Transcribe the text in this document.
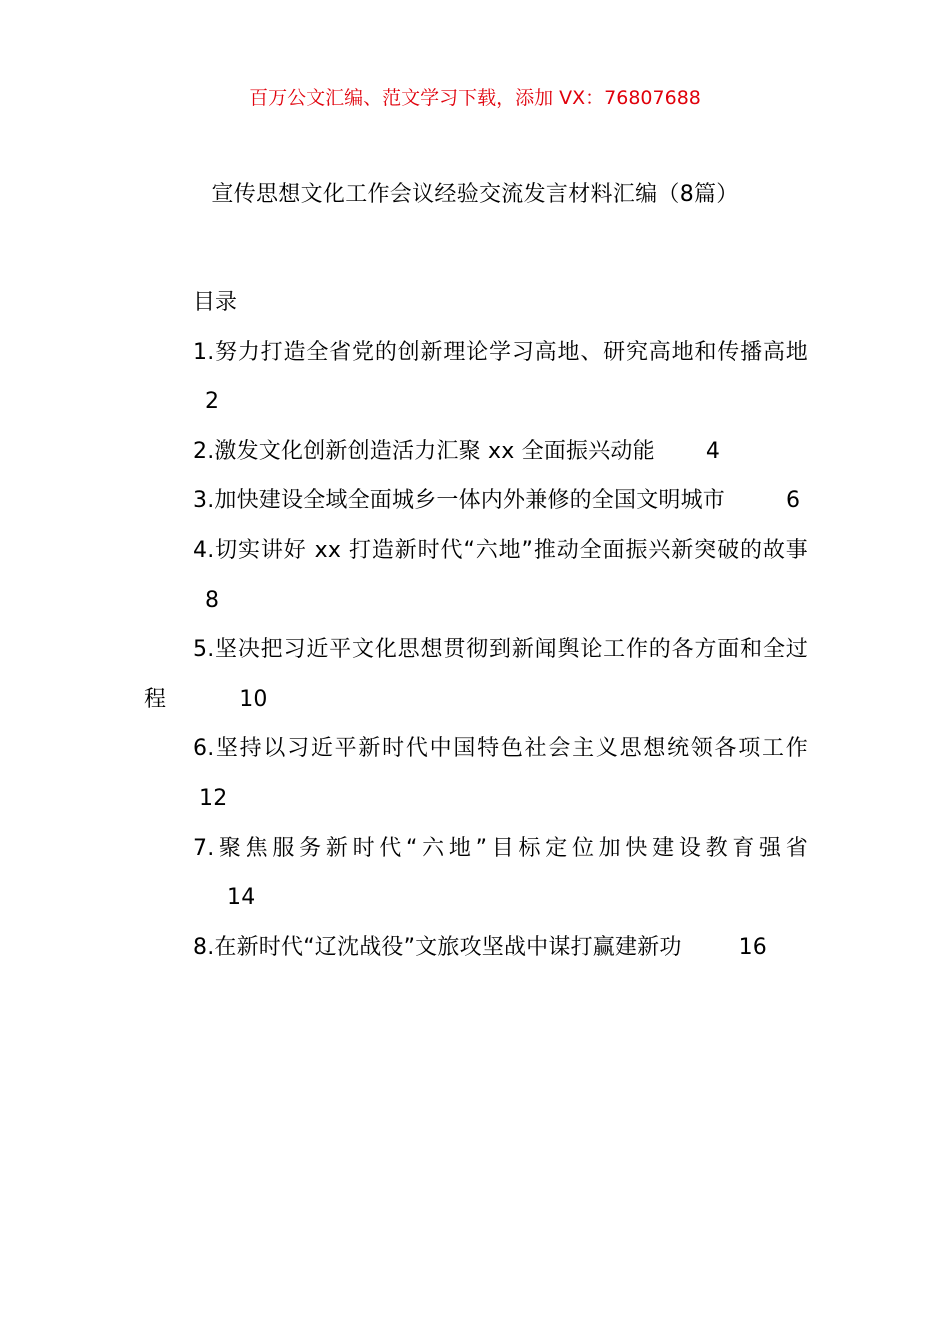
百万公文汇编、范文学习下载，添加 VX：76807688
宣传思想文化工作会议经验交流发言材料汇编（8篇）

目录

1.努力打造全省党的创新理论学习高地、研究高地和传播高地2

2.激发文化创新创造活力汇聚 xx 全面振兴动能 4

3.加快建设全域全面城乡一体内外兼修的全国文明城市	6

4.切实讲好 xx 打造新时代“六地”推动全面振兴新突破的故事8

5.坚决把习近平文化思想贯彻到新闻舆论工作的各方面和全过程	10

6.坚持以习近平新时代中国特色社会主义思想统领各项工作12

7.聚焦服务新时代“六地”目标定位加快建设教育强省14

8.在新时代“辽沈战役”文旅攻坚战中谋打赢建新功	16
